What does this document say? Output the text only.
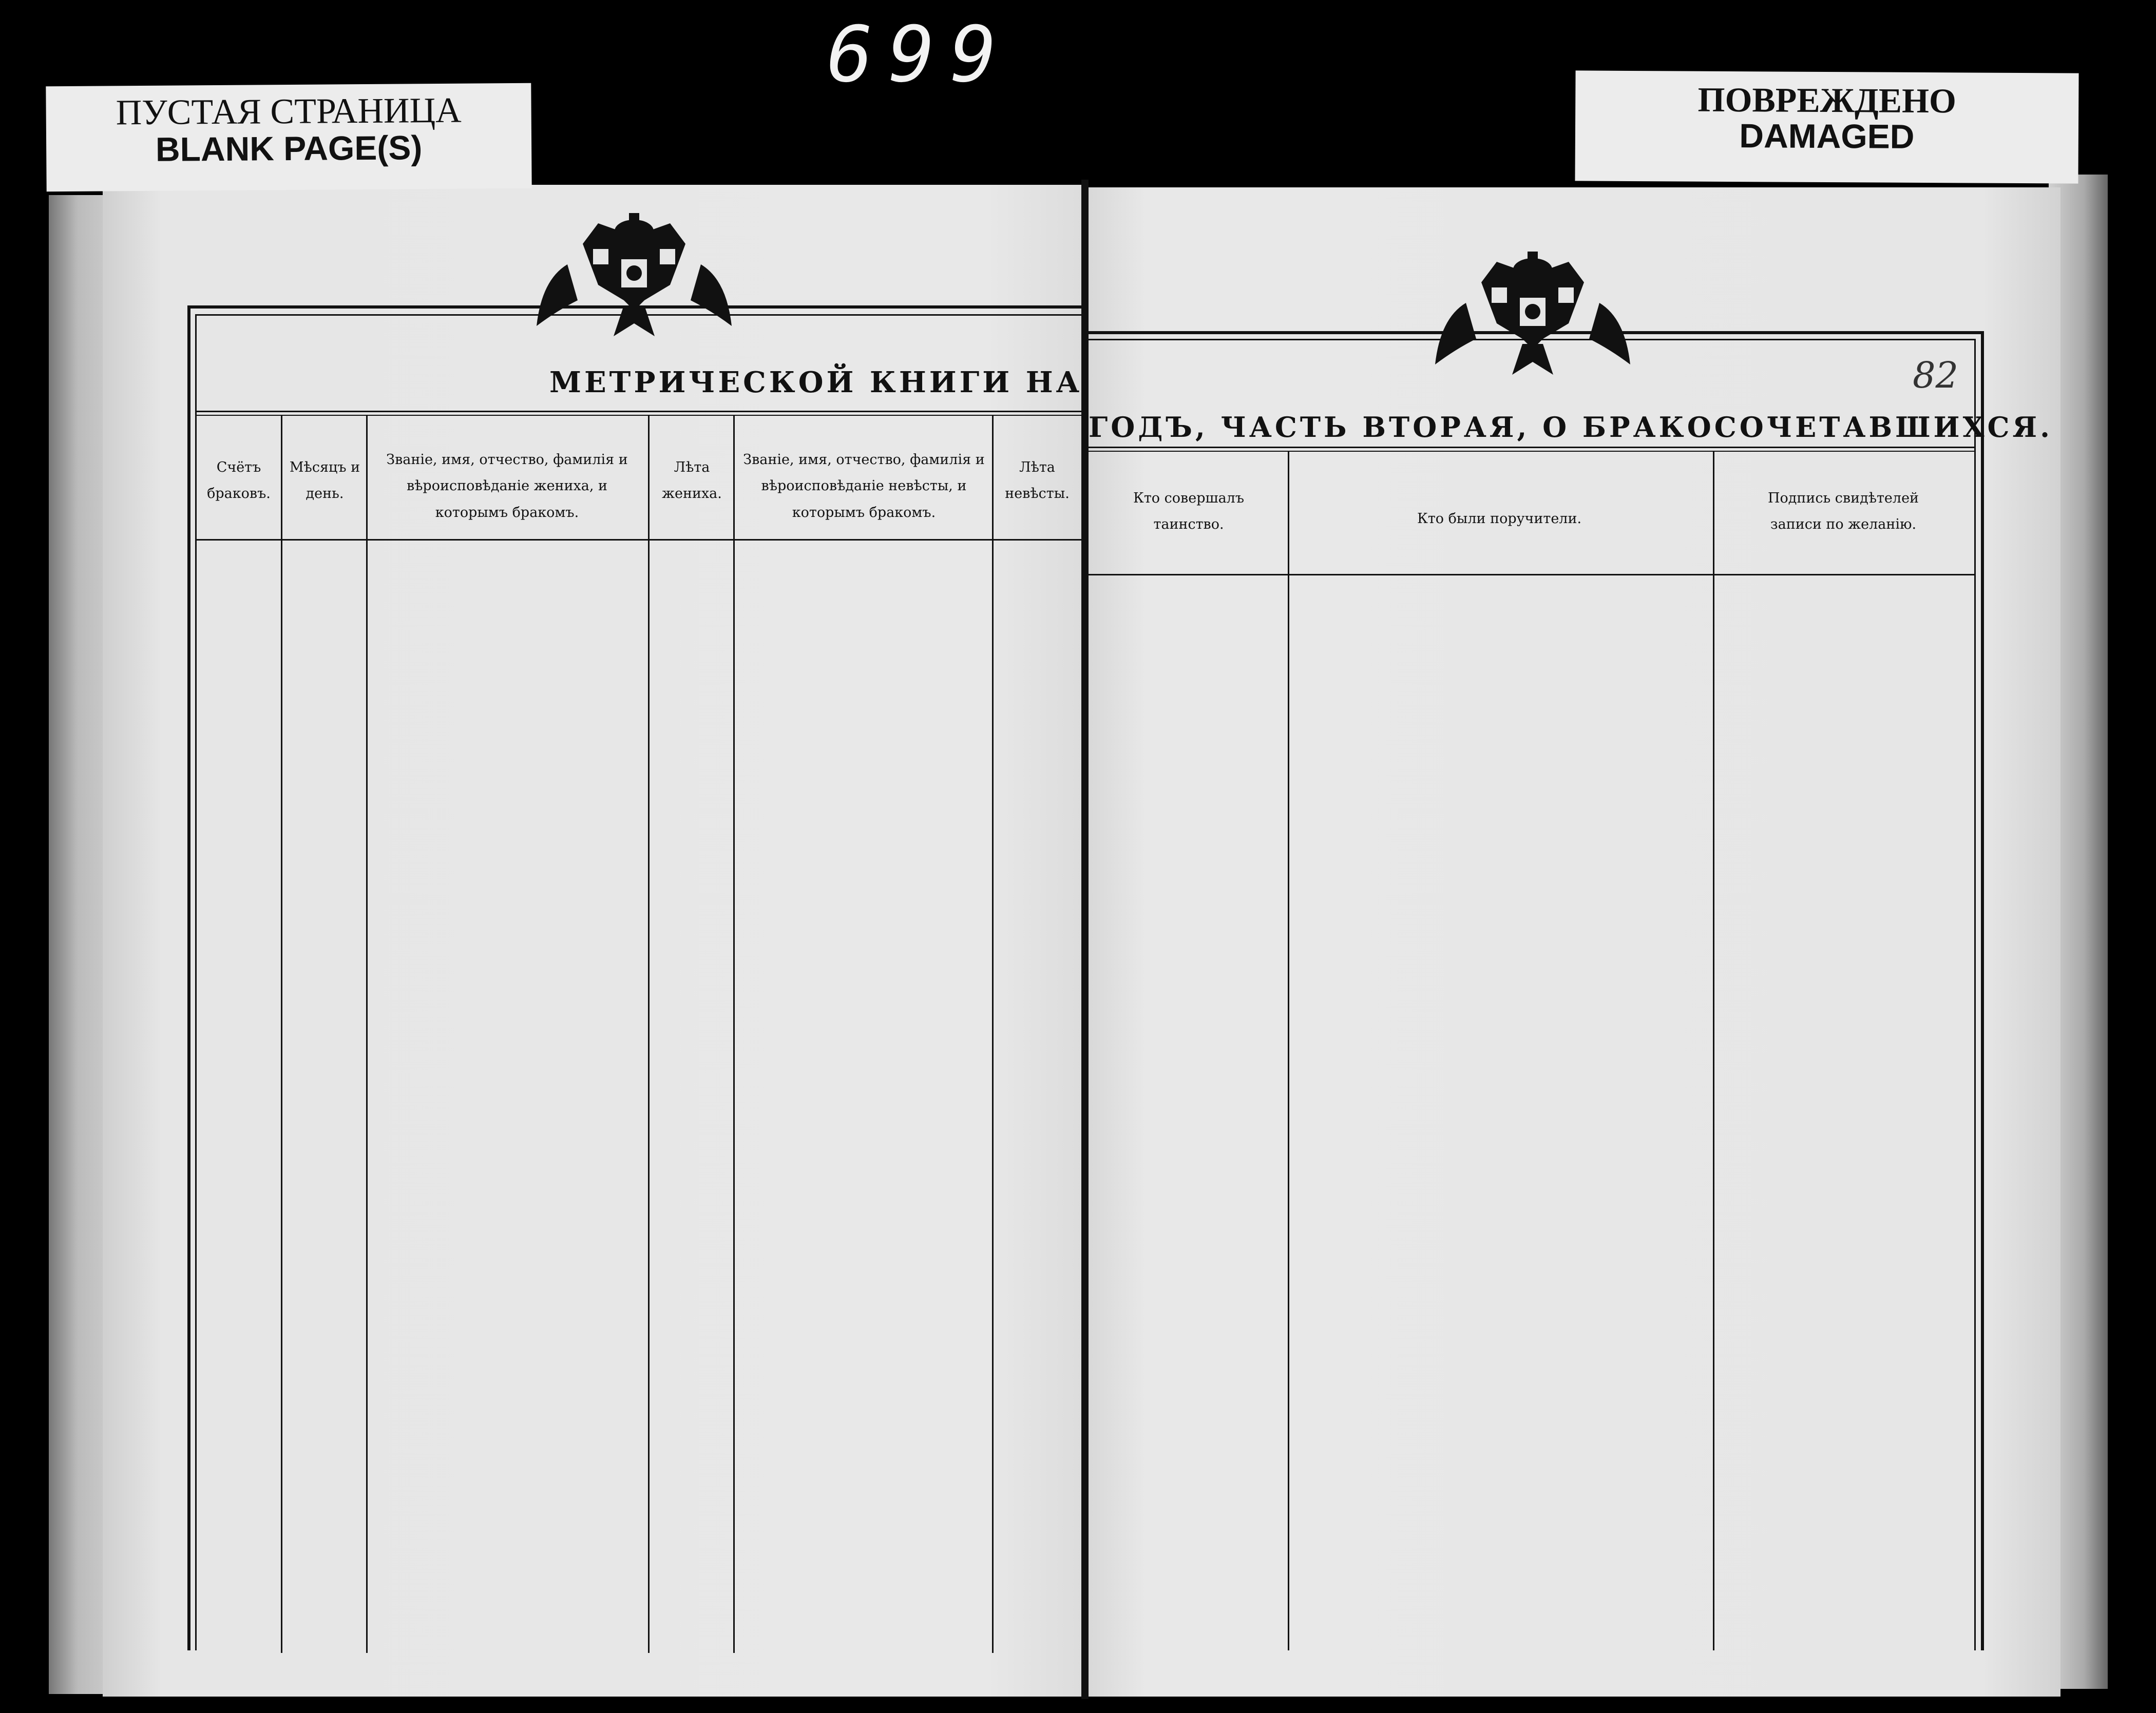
699
ПУСТАЯ СТРАНИЦА
BLANK PAGE(S)
ПОВРЕЖДЕНО
DAMAGED
МЕТРИЧЕСКОЙ КНИГИ НА
Счётъ браковъ.
Мѣсяцъ и день.
Званіе, имя, отчество, фамилія и вѣроисповѣданіе жениха, и которымъ бракомъ.
Лѣта жениха.
Званіе, имя, отчество, фамилія и вѣроисповѣданіе невѣсты, и которымъ бракомъ.
Лѣта невѣсты.
ГОДЪ, ЧАСТЬ ВТОРАЯ, О БРАКОСОЧЕТАВШИХСЯ.
82
Кто совершалъ таинство.	Кто были поручители.
Подпись свидѣтелей записи по желанію.
